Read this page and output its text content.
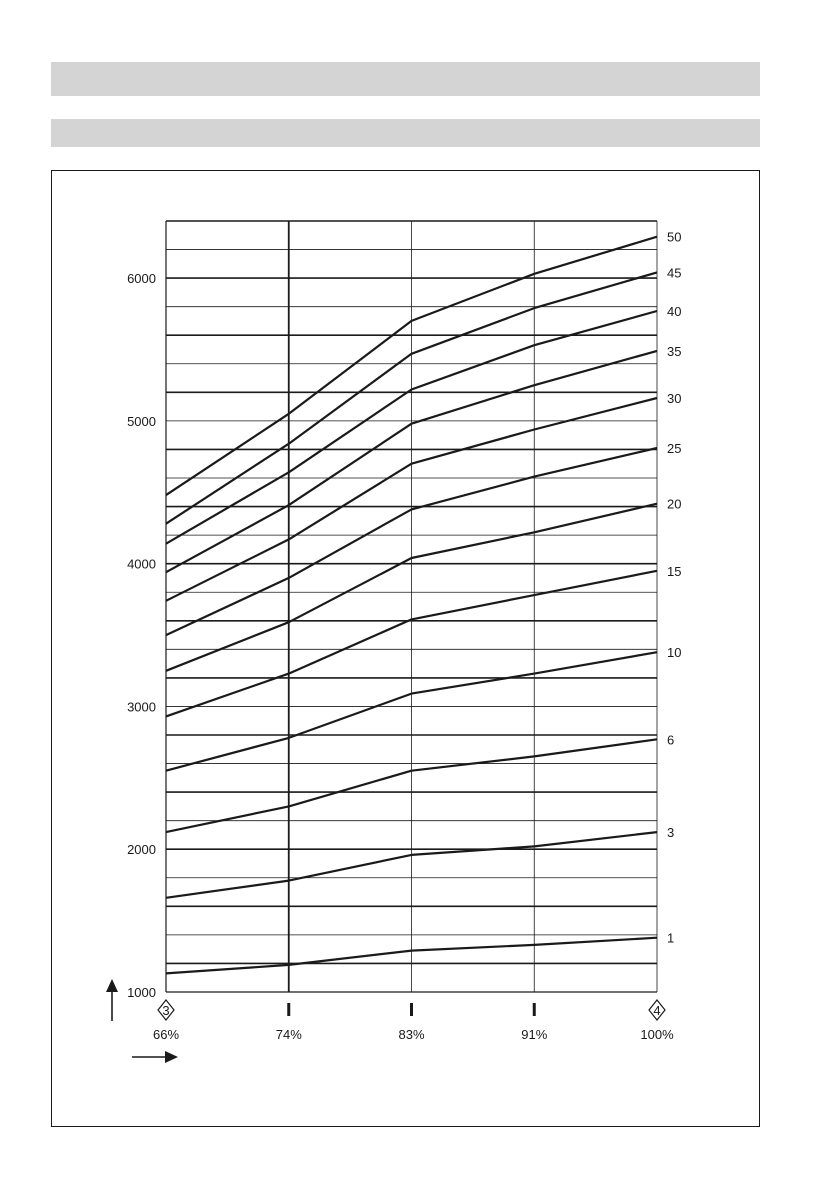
50
45
40
35
30
25
20
15
10
6
3
1
1000
2000
3000
4000
5000
6000
3
66%	74%	83%	91%
4
100%
